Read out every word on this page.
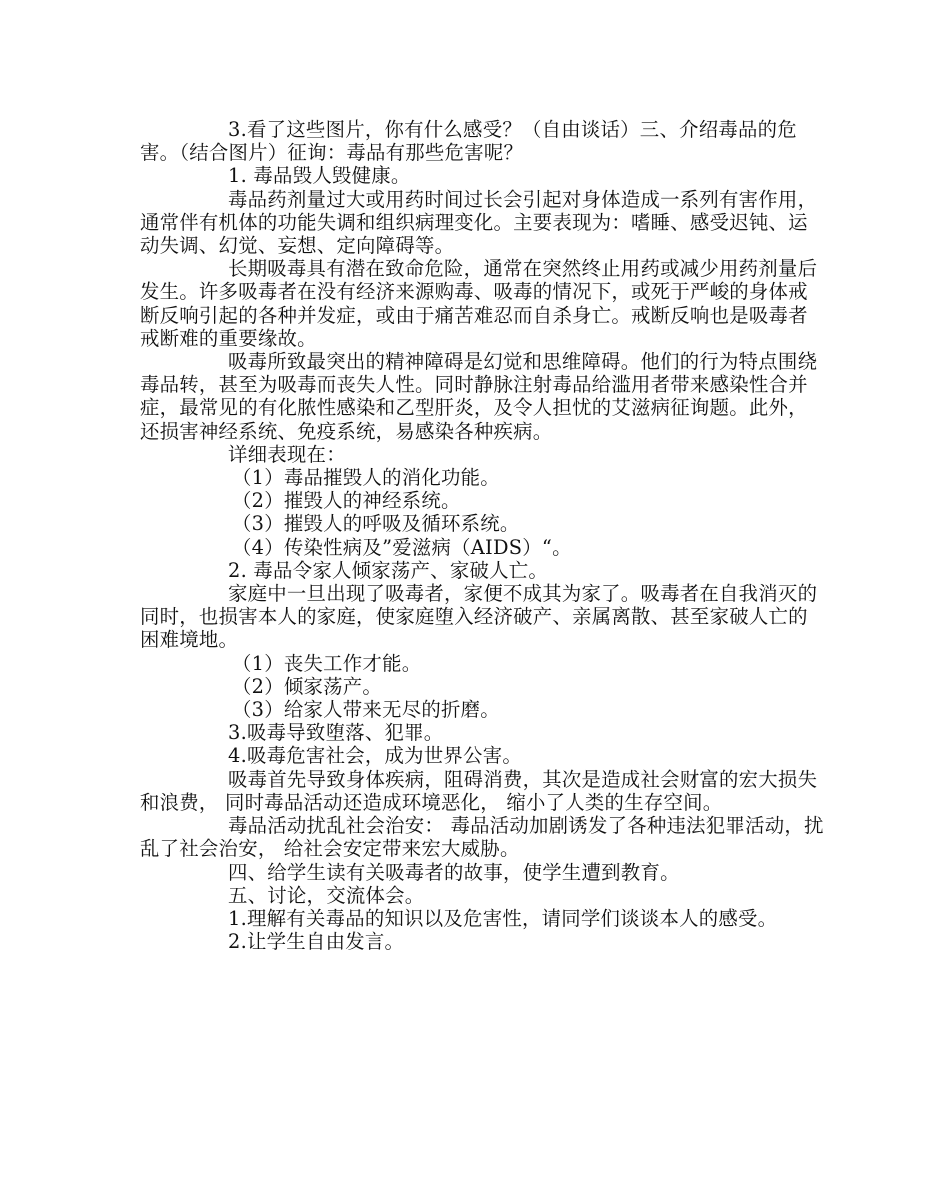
3.看了这些图片，你有什么感受？（自由谈话）三、介绍毒品的危害。（结合图片）征询：毒品有那些危害呢？

1. 毒品毁人毁健康。

毒品药剂量过大或用药时间过长会引起对身体造成一系列有害作用，通常伴有机体的功能失调和组织病理变化。主要表现为：嗜睡、感受迟钝、运动失调、幻觉、妄想、定向障碍等。

长期吸毒具有潜在致命危险，通常在突然终止用药或减少用药剂量后发生。许多吸毒者在没有经济来源购毒、吸毒的情况下，或死于严峻的身体戒断反响引起的各种并发症，或由于痛苦难忍而自杀身亡。戒断反响也是吸毒者戒断难的重要缘故。

吸毒所致最突出的精神障碍是幻觉和思维障碍。他们的行为特点围绕毒品转，甚至为吸毒而丧失人性。同时静脉注射毒品给滥用者带来感染性合并症，最常见的有化脓性感染和乙型肝炎，及令人担忧的艾滋病征询题。此外，还损害神经系统、免疫系统，易感染各种疾病。

详细表现在：

（1）毒品摧毁人的消化功能。

（2）摧毁人的神经系统。

（3）摧毁人的呼吸及循环系统。

（4）传染性病及”爱滋病（AIDS）“。

2. 毒品令家人倾家荡产、家破人亡。

家庭中一旦出现了吸毒者，家便不成其为家了。吸毒者在自我消灭的同时，也损害本人的家庭，使家庭堕入经济破产、亲属离散、甚至家破人亡的困难境地。

（1）丧失工作才能。

（2）倾家荡产。

（3）给家人带来无尽的折磨。

3.吸毒导致堕落、犯罪。

4.吸毒危害社会，成为世界公害。

吸毒首先导致身体疾病，阻碍消费，其次是造成社会财富的宏大损失和浪费， 同时毒品活动还造成环境恶化， 缩小了人类的生存空间。

毒品活动扰乱社会治安： 毒品活动加剧诱发了各种违法犯罪活动，扰乱了社会治安， 给社会安定带来宏大威胁。

四、给学生读有关吸毒者的故事，使学生遭到教育。

五、讨论，交流体会。

1.理解有关毒品的知识以及危害性，请同学们谈谈本人的感受。

2.让学生自由发言。
